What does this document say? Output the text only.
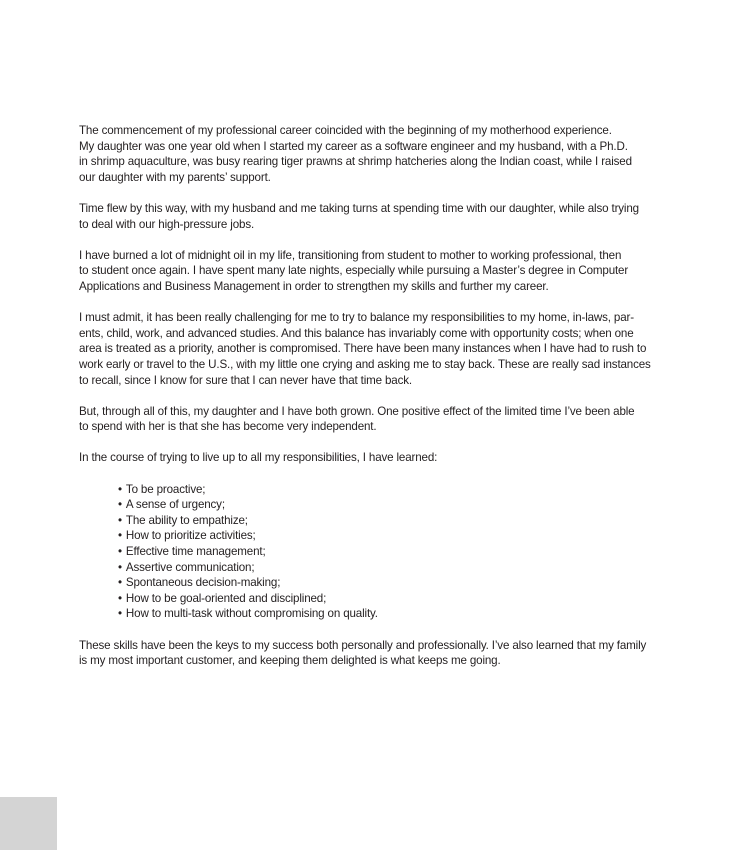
The commencement of my professional career coincided with the beginning of my motherhood experience.
My daughter was one year old when I started my career as a software engineer and my husband, with a Ph.D.
in shrimp aquaculture, was busy rearing tiger prawns at shrimp hatcheries along the Indian coast, while I raised
our daughter with my parents’ support.

Time flew by this way, with my husband and me taking turns at spending time with our daughter, while also trying
to deal with our high-pressure jobs.

I have burned a lot of midnight oil in my life, transitioning from student to mother to working professional, then
to student once again. I have spent many late nights, especially while pursuing a Master’s degree in Computer
Applications and Business Management in order to strengthen my skills and further my career.

I must admit, it has been really challenging for me to try to balance my responsibilities to my home, in-laws, par-
ents, child, work, and advanced studies. And this balance has invariably come with opportunity costs; when one
area is treated as a priority, another is compromised. There have been many instances when I have had to rush to
work early or travel to the U.S., with my little one crying and asking me to stay back. These are really sad instances
to recall, since I know for sure that I can never have that time back.

But, through all of this, my daughter and I have both grown. One positive effect of the limited time I’ve been able
to spend with her is that she has become very independent.

In the course of trying to live up to all my responsibilities, I have learned:

• To be proactive;
• A sense of urgency;
• The ability to empathize;
• How to prioritize activities;
• Effective time management;
• Assertive communication;
• Spontaneous decision-making;
• How to be goal-oriented and disciplined;
• How to multi-task without compromising on quality.

These skills have been the keys to my success both personally and professionally. I’ve also learned that my family
is my most important customer, and keeping them delighted is what keeps me going.
